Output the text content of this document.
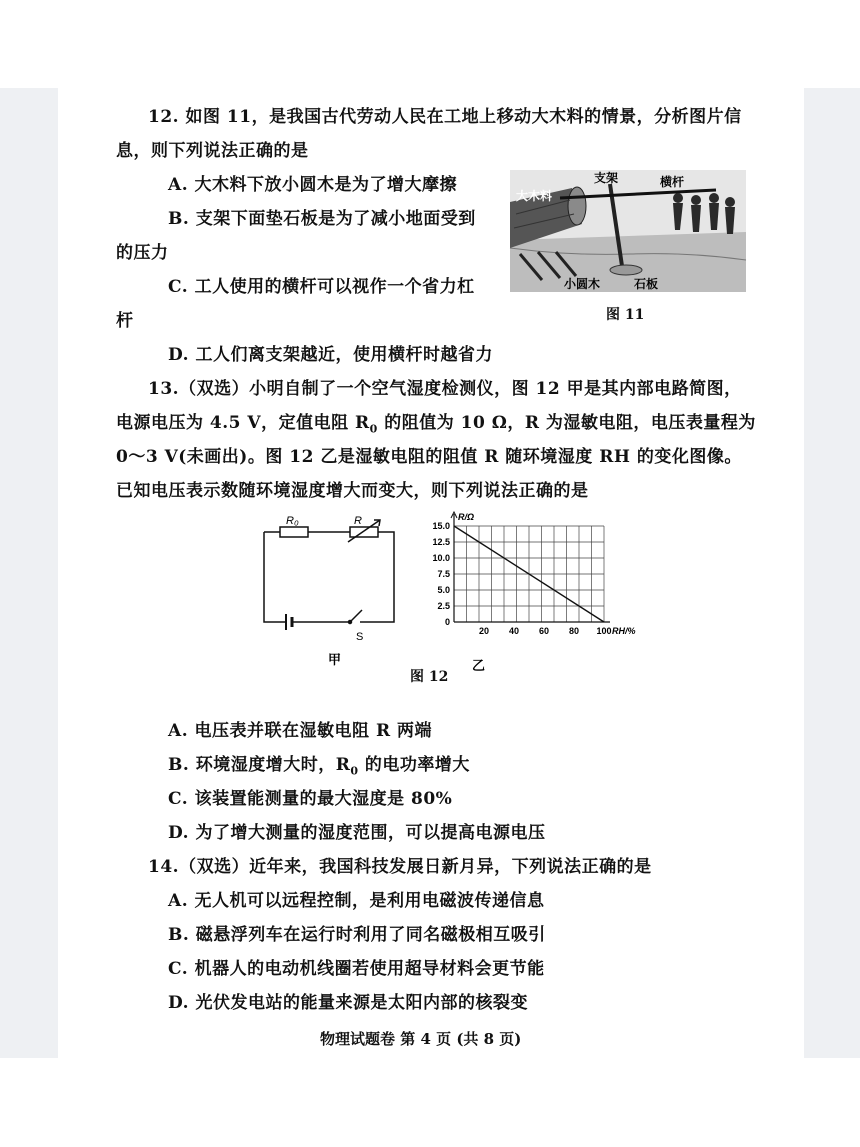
12. 如图 11，是我国古代劳动人民在工地上移动大木料的情景，分析图片信
息，则下列说法正确的是
A. 大木料下放小圆木是为了增大摩擦
B. 支架下面垫石板是为了减小地面受到
的压力
C. 工人使用的横杆可以视作一个省力杠
杆
D. 工人们离支架越近，使用横杆时越省力
支架	横杆
大木料
小圆木	石板
图 11
13.（双选）小明自制了一个空气湿度检测仪，图 12 甲是其内部电路简图，
电源电压为 4.5 V，定值电阻 $R_0$ 的阻值为 10 Ω，R 为湿敏电阻，电压表量程为
0～3 V(未画出)。图 12 乙是湿敏电阻的阻值 R 随环境湿度 RH 的变化图像。
已知电压表示数随环境湿度增大而变大，则下列说法正确的是
R₀	R
S
甲
0
2.5
5.0
7.5
10.0
12.5
15.0
20 40 60 80 100
R/Ω
RH/%
乙
图 12
A. 电压表并联在湿敏电阻 R 两端
B. 环境湿度增大时，$R_0$ 的电功率增大
C. 该装置能测量的最大湿度是 80%
D. 为了增大测量的湿度范围，可以提高电源电压
14.（双选）近年来，我国科技发展日新月异，下列说法正确的是
A. 无人机可以远程控制，是利用电磁波传递信息
B. 磁悬浮列车在运行时利用了同名磁极相互吸引
C. 机器人的电动机线圈若使用超导材料会更节能
D. 光伏发电站的能量来源是太阳内部的核裂变
物理试题卷 第 4 页 (共 8 页)
